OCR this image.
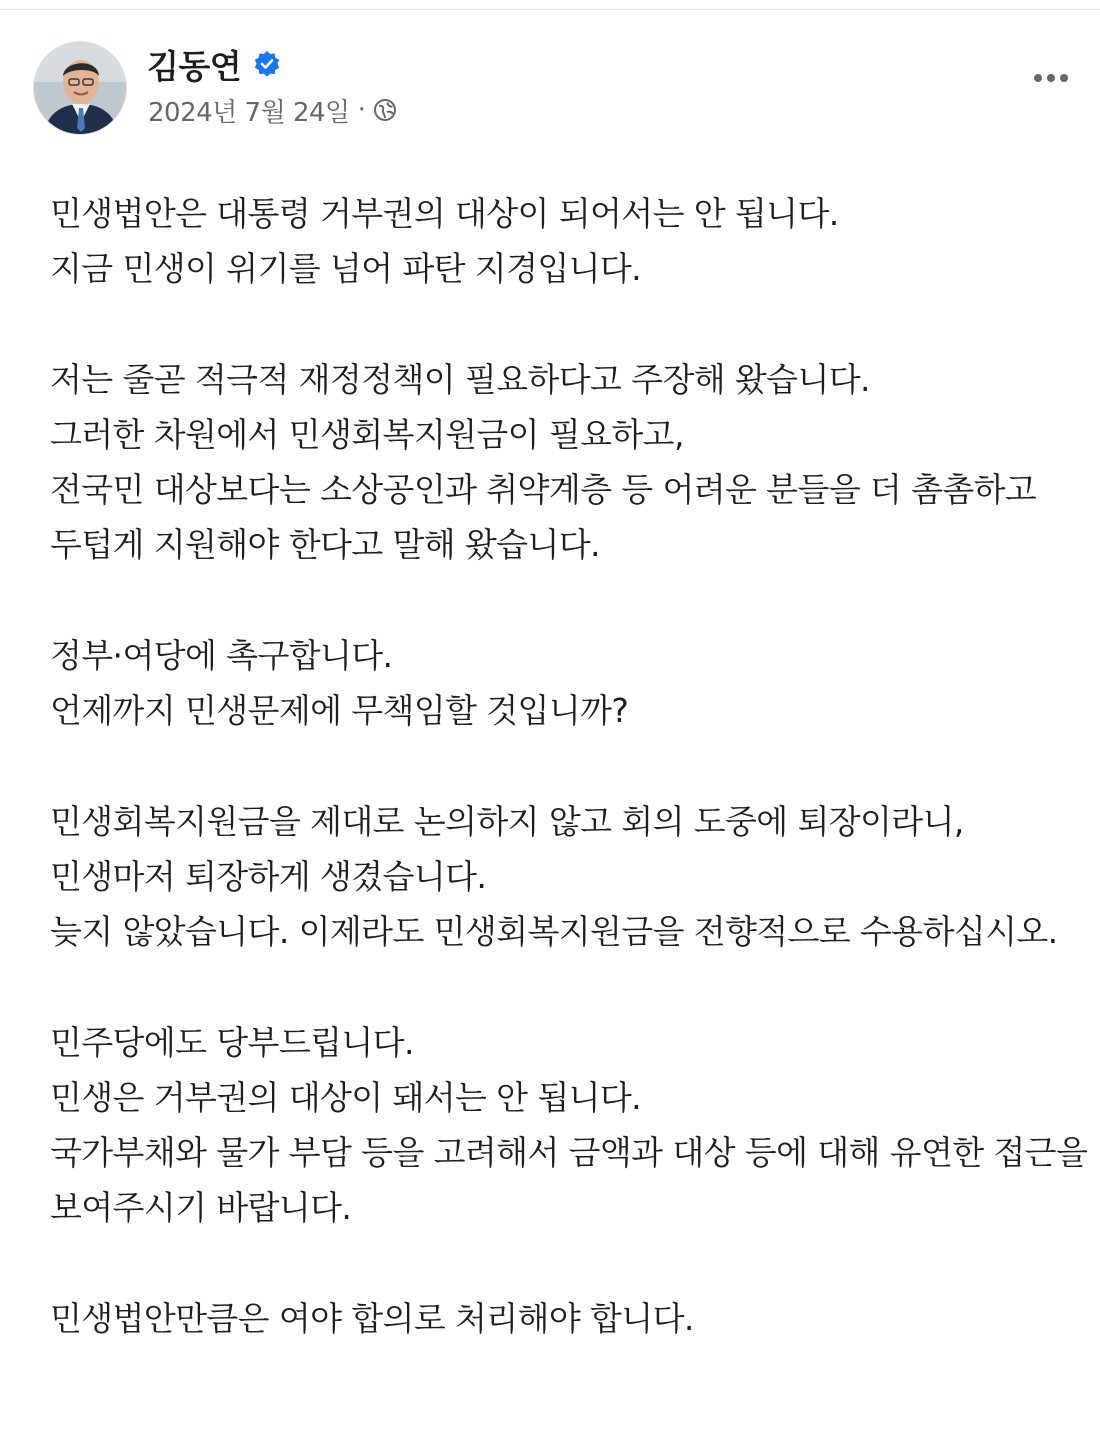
김동연
2024년 7월 24일 ·

민생법안은 대통령 거부권의 대상이 되어서는 안 됩니다.
지금 민생이 위기를 넘어 파탄 지경입니다.

저는 줄곧 적극적 재정정책이 필요하다고 주장해 왔습니다.
그러한 차원에서 민생회복지원금이 필요하고,
전국민 대상보다는 소상공인과 취약계층 등 어려운 분들을 더 촘촘하고
두텁게 지원해야 한다고 말해 왔습니다.

정부·여당에 촉구합니다.
언제까지 민생문제에 무책임할 것입니까?

민생회복지원금을 제대로 논의하지 않고 회의 도중에 퇴장이라니,
민생마저 퇴장하게 생겼습니다.
늦지 않았습니다. 이제라도 민생회복지원금을 전향적으로 수용하십시오.

민주당에도 당부드립니다.
민생은 거부권의 대상이 돼서는 안 됩니다.
국가부채와 물가 부담 등을 고려해서 금액과 대상 등에 대해 유연한 접근을
보여주시기 바랍니다.

민생법안만큼은 여야 합의로 처리해야 합니다.
